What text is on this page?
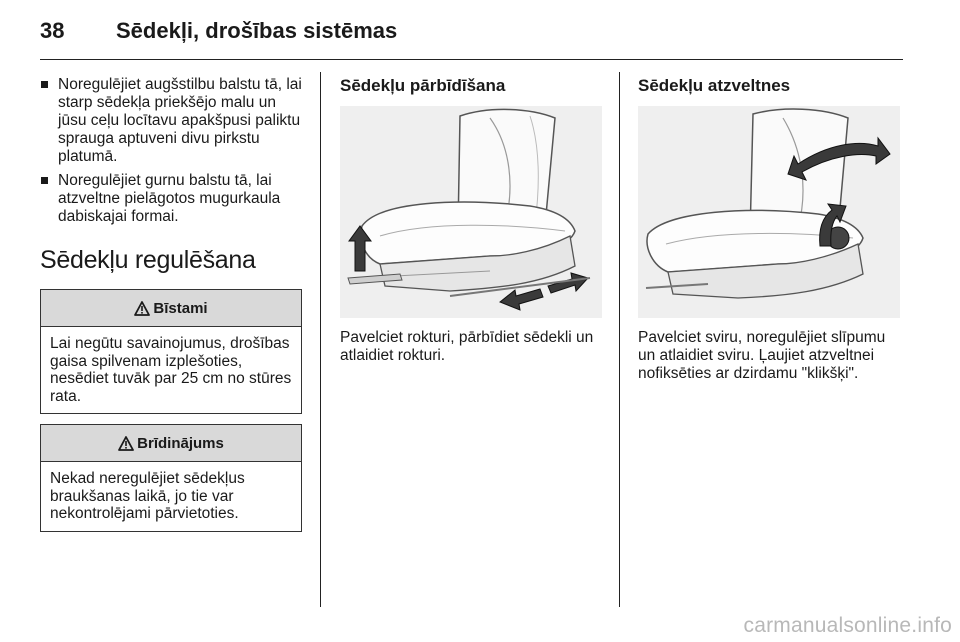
38 Sēdekļi, drošības sistēmas
Noregulējiet augšstilbu balstu tā, lai starp sēdekļa priekšējo malu un jūsu ceļu locītavu apakšpusi paliktu sprauga aptuveni divu pirkstu platumā.
Noregulējiet gurnu balstu tā, lai atzveltne pielāgotos mugurkaula dabiskajai formai.
Sēdekļu regulēšana
Bīstami
Lai negūtu savainojumus, drošības gaisa spilvenam izplešoties, nesēdiet tuvāk par 25 cm no stūres rata.
Brīdinājums
Nekad neregulējiet sēdekļus braukšanas laikā, jo tie var nekontrolējami pārvietoties.
Sēdekļu pārbīdīšana
Pavelciet rokturi, pārbīdiet sēdekli un atlaidiet rokturi.
Sēdekļu atzveltnes
Pavelciet sviru, noregulējiet slīpumu un atlaidiet sviru. Ļaujiet atzveltnei nofiksēties ar dzirdamu "klikšķi".
carmanualsonline.info
